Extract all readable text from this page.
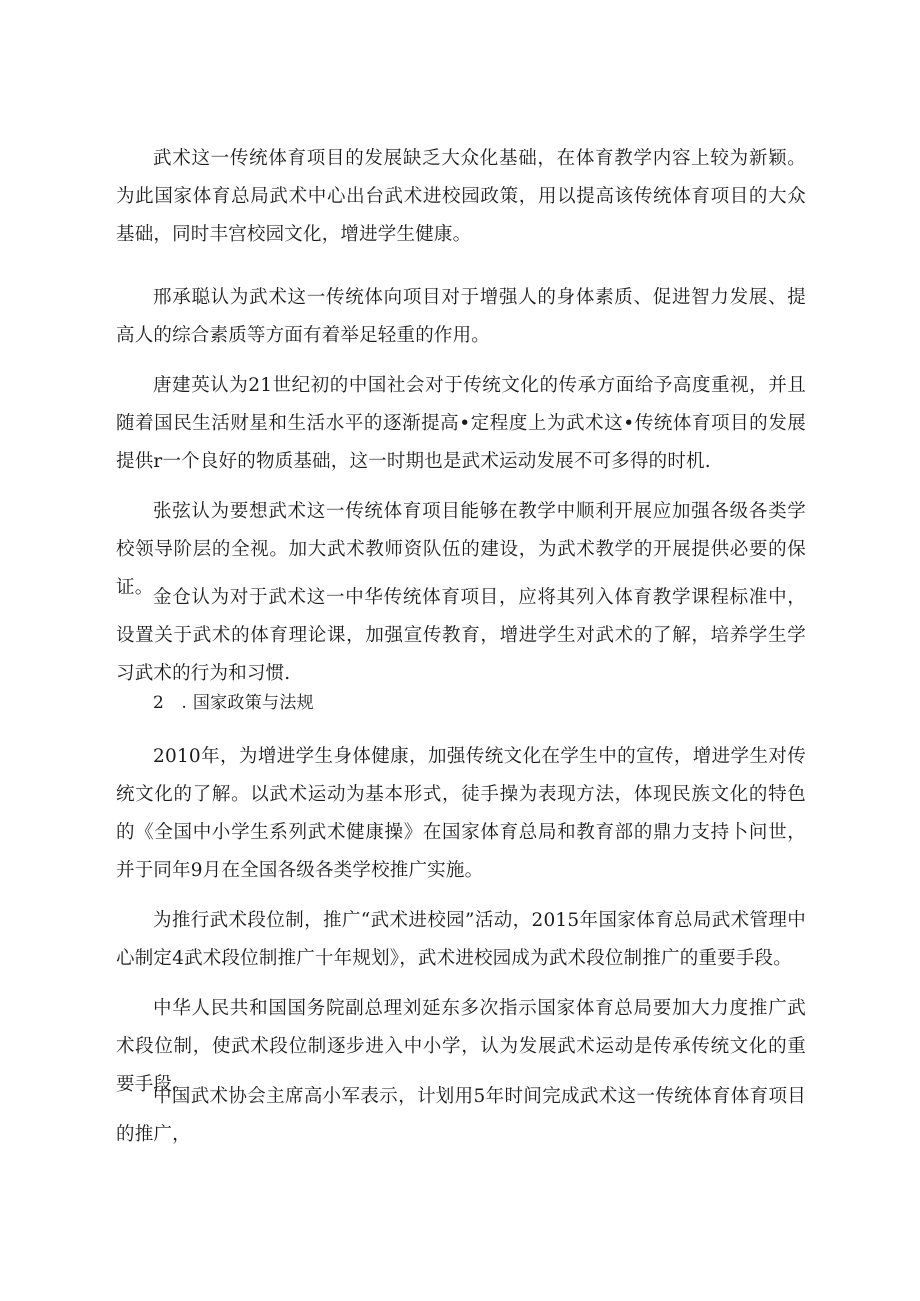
武术这一传统体育项目的发展缺乏大众化基础，在体育教学内容上较为新颖。为此国家体育总局武术中心出台武术进校园政策，用以提高该传统体育项目的大众基础，同时丰宫校园文化，增进学生健康。

邢承聪认为武术这一传统体向项目对于增强人的身体素质、促进智力发展、提高人的综合素质等方面有着举足轻重的作用。

唐建英认为21世纪初的中国社会对于传统文化的传承方面给予高度重视，并且随着国民生活财星和生活水平的逐渐提高•定程度上为武术这•传统体育项目的发展提供r一个良好的物质基础，这一时期也是武术运动发展不可多得的时机.

张弦认为要想武术这一传统体育项目能够在教学中顺利开展应加强各级各类学校领导阶层的全视。加大武术教师资队伍的建设，为武术教学的开展提供必要的保证。 金仓认为对于武术这一中华传统体育项目，应将其列入体育教学课程标准中，设置关于武术的体育理论课，加强宣传教育，增进学生对武术的了解，培养学生学习武术的行为和习惯.

2　. 国家政策与法规

2010年，为增进学生身体健康，加强传统文化在学生中的宣传，增进学生对传统文化的了解。以武术运动为基本形式，徒手操为表现方法，体现民族文化的特色的《全国中小学生系列武术健康操》在国家体育总局和教育部的鼎力支持卜问世，并于同年9月在全国各级各类学校推广实施。

为推行武术段位制，推广“武术进校园”活动，2015年国家体育总局武术管理中心制定4武术段位制推广十年规划》，武术进校园成为武术段位制推广的重要手段。

中华人民共和国国务院副总理刘延东多次指示国家体育总局要加大力度推广武术段位制，使武术段位制逐步进入中小学，认为发展武术运动是传承传统文化的重要手段。

中国武术协会主席高小军表示，计划用5年时间完成武术这一传统体育体育项目的推广，
